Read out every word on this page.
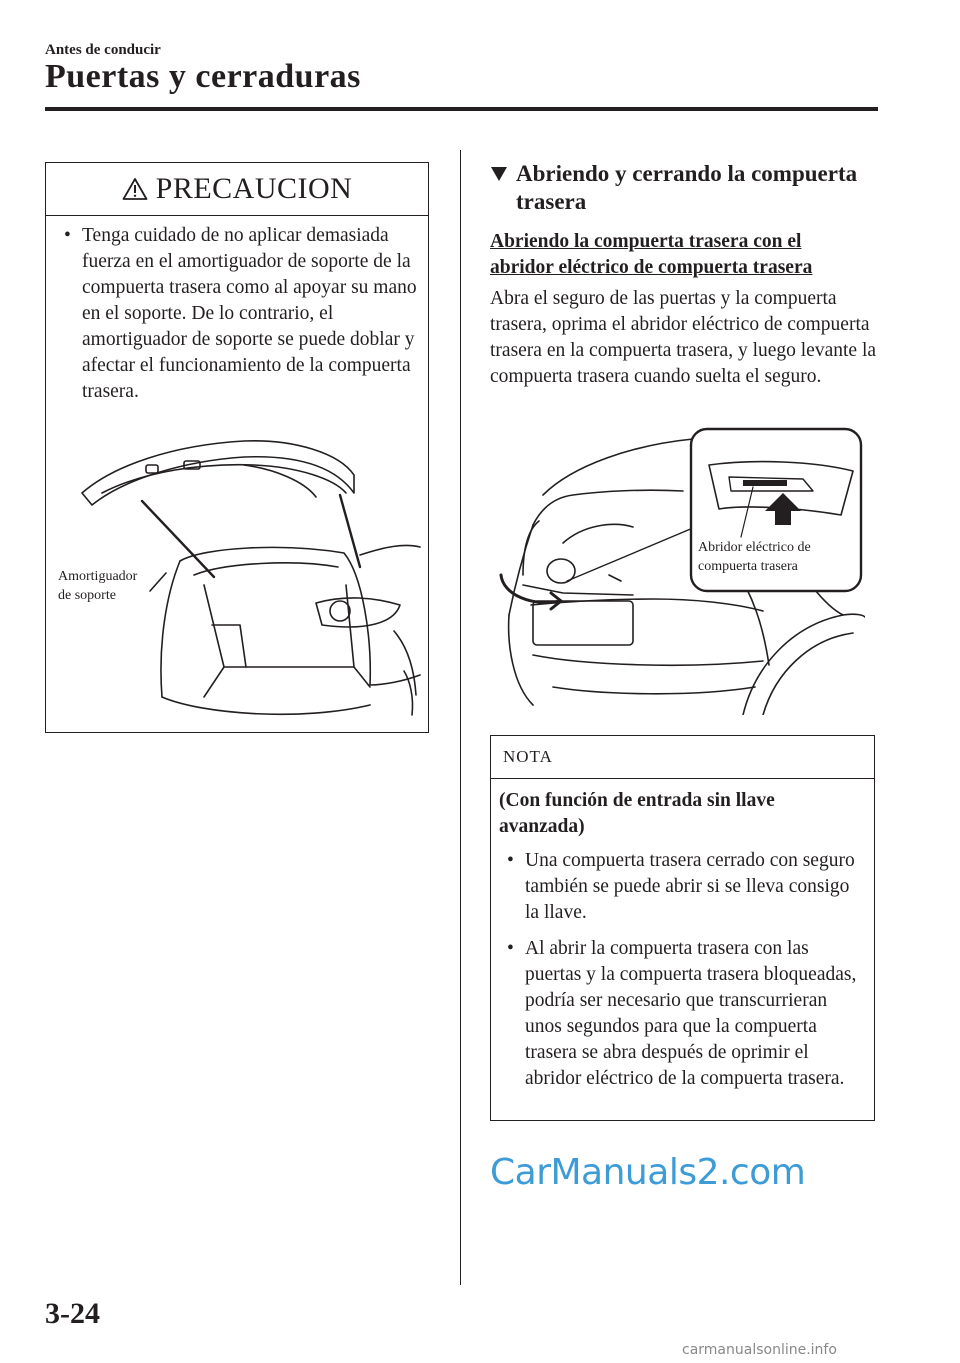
Antes de conducir
Puertas y cerraduras
PRECAUCION
• Tenga cuidado de no aplicar demasiada fuerza en el amortiguador de soporte de la compuerta trasera como al apoyar su mano en el soporte. De lo contrario, el amortiguador de soporte se puede doblar y afectar el funcionamiento de la compuerta trasera.
Amortiguador
de soporte
Abriendo y cerrando la compuerta trasera
Abriendo la compuerta trasera con el abridor eléctrico de compuerta trasera
Abra el seguro de las puertas y la compuerta trasera, oprima el abridor eléctrico de compuerta trasera en la compuerta trasera, y luego levante la compuerta trasera cuando suelta el seguro.
Abridor eléctrico de
compuerta trasera
NOTA
(Con función de entrada sin llave avanzada)
• Una compuerta trasera cerrado con seguro también se puede abrir si se lleva consigo la llave.
• Al abrir la compuerta trasera con las puertas y la compuerta trasera bloqueadas, podría ser necesario que transcurrieran unos segundos para que la compuerta trasera se abra después de oprimir el abridor eléctrico de la compuerta trasera.
CarManuals2.com
3-24
carmanualsonline.info
